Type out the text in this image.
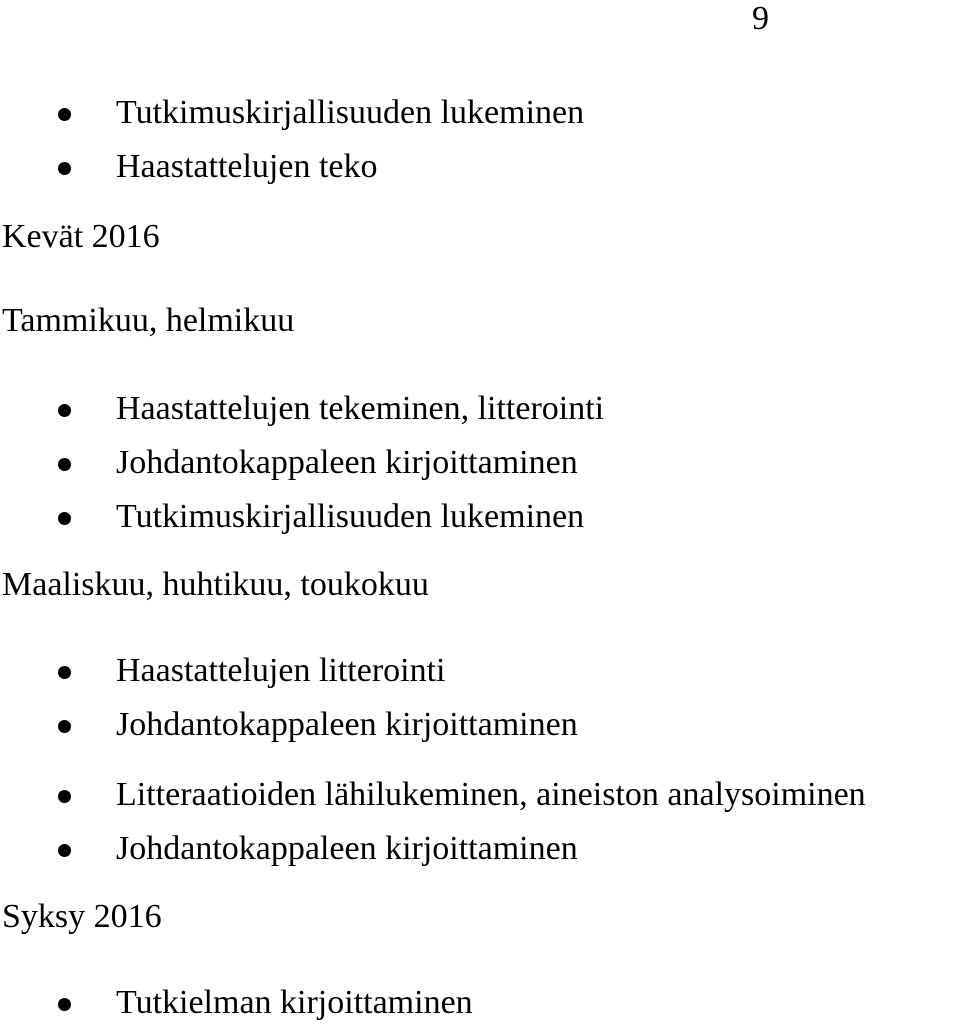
9
Tutkimuskirjallisuuden lukeminen
Haastattelujen teko
Kevät 2016
Tammikuu, helmikuu
Haastattelujen tekeminen, litterointi
Johdantokappaleen kirjoittaminen
Tutkimuskirjallisuuden lukeminen
Maaliskuu, huhtikuu, toukokuu
Haastattelujen litterointi
Johdantokappaleen kirjoittaminen
Litteraatioiden lähilukeminen, aineiston analysoiminen
Johdantokappaleen kirjoittaminen
Syksy 2016
Tutkielman kirjoittaminen
